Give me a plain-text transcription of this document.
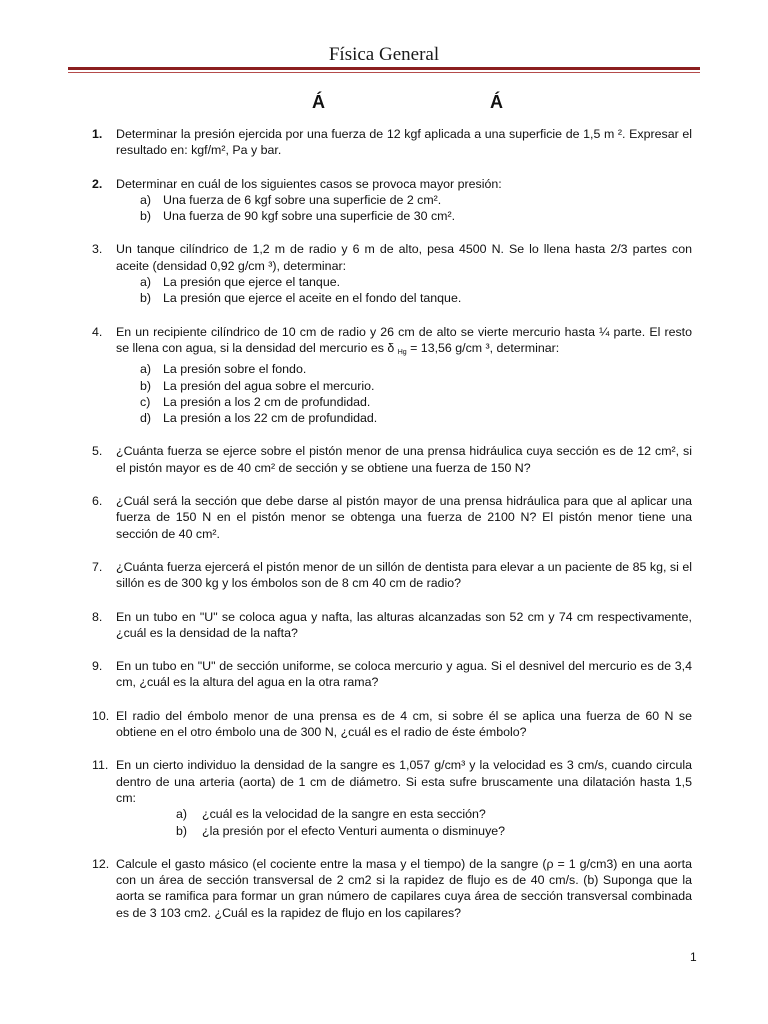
Física General
Á	Á
1.	Determinar la presión ejercida por una fuerza de 12 kgf aplicada a una superficie de 1,5 m ². Expresar el resultado en: kgf/m², Pa y bar.
2.	Determinar en cuál de los siguientes casos se provoca mayor presión:
a) Una fuerza de 6 kgf sobre una superficie de 2 cm².
b) Una fuerza de 90 kgf sobre una superficie de 30 cm².
3.	Un tanque cilíndrico de 1,2 m de radio y 6 m de alto, pesa 4500 N. Se lo llena hasta 2/3 partes con aceite (densidad 0,92 g/cm ³), determinar:
a) La presión que ejerce el tanque.
b) La presión que ejerce el aceite en el fondo del tanque.
4.	En un recipiente cilíndrico de 10 cm de radio y 26 cm de alto se vierte mercurio hasta ¼ parte. El resto se llena con agua, si la densidad del mercurio es δ Hg = 13,56 g/cm ³, determinar:
a) La presión sobre el fondo.
b) La presión del agua sobre el mercurio.
c) La presión a los 2 cm de profundidad.
d) La presión a los 22 cm de profundidad.
5.	¿Cuánta fuerza se ejerce sobre el pistón menor de una prensa hidráulica cuya sección es de 12 cm², si el pistón mayor es de 40 cm² de sección y se obtiene una fuerza de 150 N?
6.	¿Cuál será la sección que debe darse al pistón mayor de una prensa hidráulica para que al aplicar una fuerza de 150 N en el pistón menor se obtenga una fuerza de 2100 N? El pistón menor tiene una sección de 40 cm².
7.	¿Cuánta fuerza ejercerá el pistón menor de un sillón de dentista para elevar a un paciente de 85 kg, si el sillón es de 300 kg y los émbolos son de 8 cm 40 cm de radio?
8.	En un tubo en "U" se coloca agua y nafta, las alturas alcanzadas son 52 cm y 74 cm respectivamente, ¿cuál es la densidad de la nafta?
9.	En un tubo en "U" de sección uniforme, se coloca mercurio y agua. Si el desnivel del mercurio es de 3,4 cm, ¿cuál es la altura del agua en la otra rama?
10. El radio del émbolo menor de una prensa es de 4 cm, si sobre él se aplica una fuerza de 60 N se obtiene en el otro émbolo una de 300 N, ¿cuál es el radio de éste émbolo?
11. En un cierto individuo la densidad de la sangre es 1,057 g/cm³ y la velocidad es 3 cm/s, cuando circula dentro de una arteria (aorta) de 1 cm de diámetro. Si esta sufre bruscamente una dilatación hasta 1,5 cm:
a) ¿cuál es la velocidad de la sangre en esta sección?
b) ¿la presión por el efecto Venturi aumenta o disminuye?
12. Calcule el gasto másico (el cociente entre la masa y el tiempo) de la sangre (ρ = 1 g/cm3) en una aorta con un área de sección transversal de 2 cm2 si la rapidez de flujo es de 40 cm/s. (b) Suponga que la aorta se ramifica para formar un gran número de capilares cuya área de sección transversal combinada es de 3 103 cm2. ¿Cuál es la rapidez de flujo en los capilares?
1
